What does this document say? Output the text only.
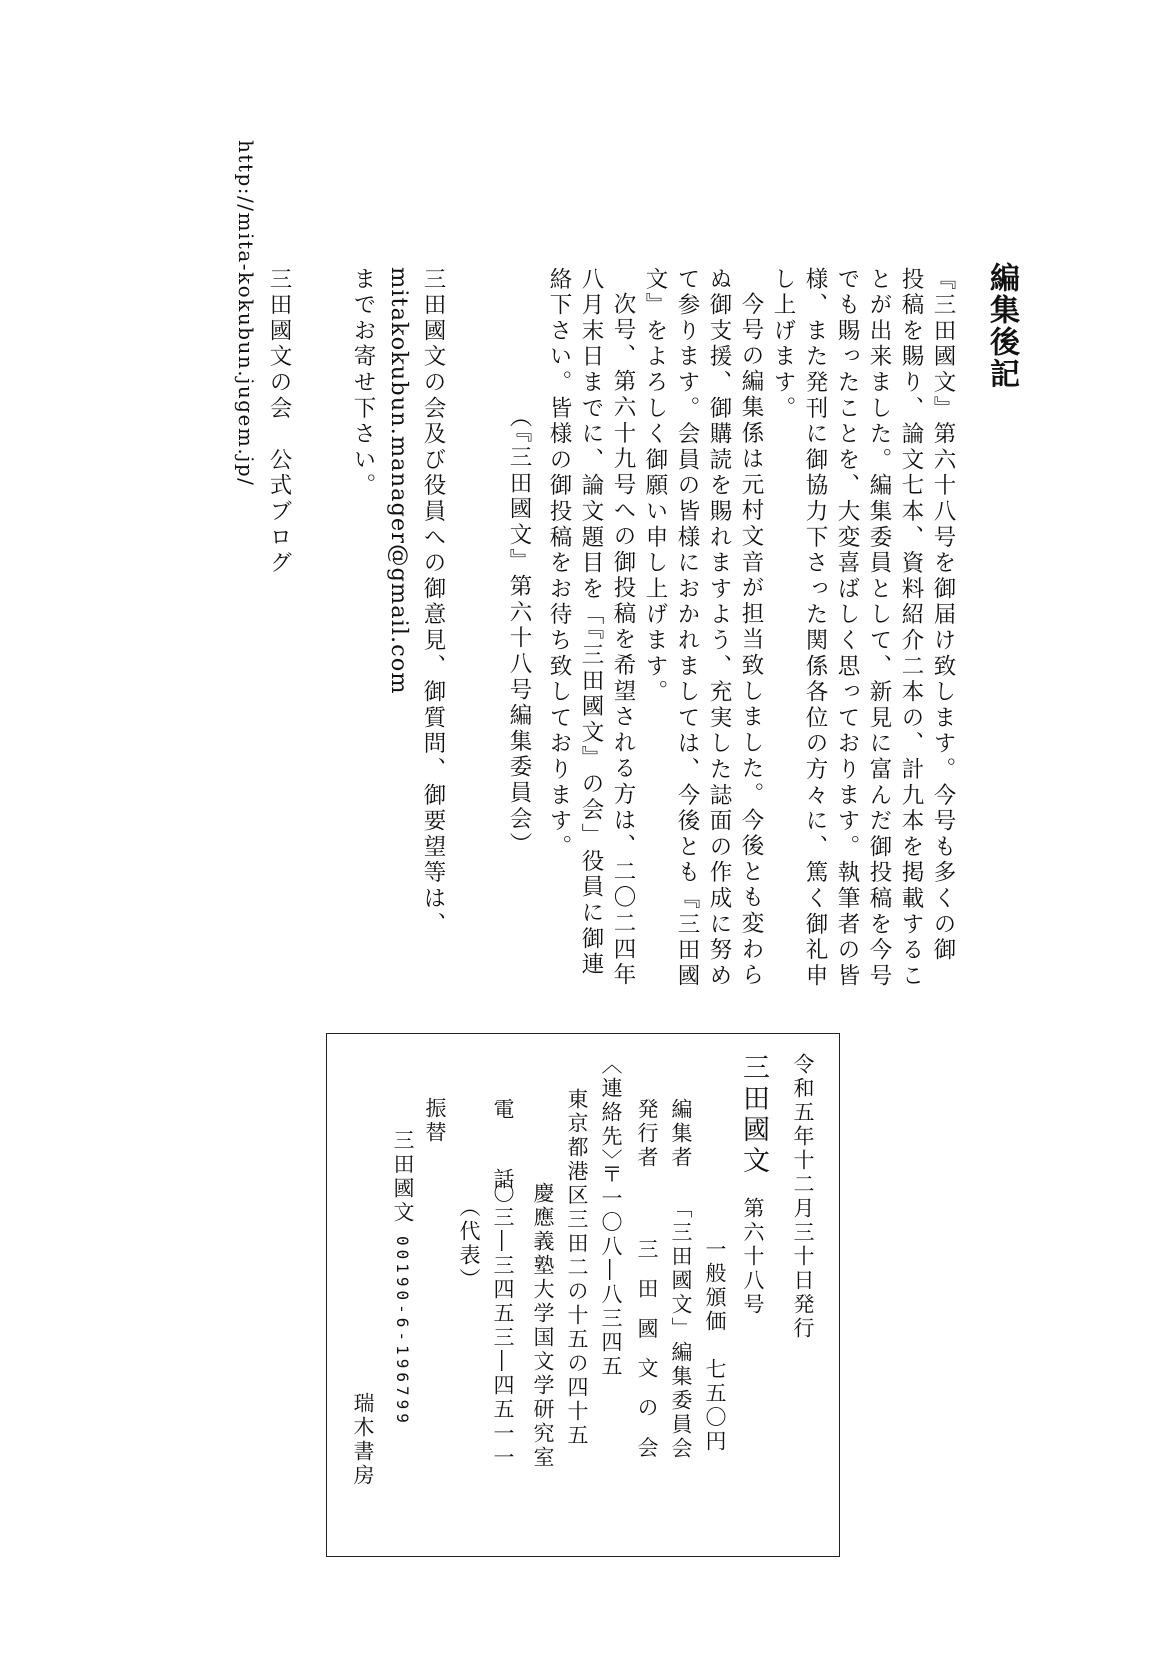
編集後記
『三田國文』第六十八号を御届け致します。今号も多くの御
投稿を賜り、論文七本、資料紹介二本の、計九本を掲載するこ
とが出来ました。編集委員として、新見に富んだ御投稿を今号
でも賜ったことを、大変喜ばしく思っております。執筆者の皆
様、また発刊に御協力下さった関係各位の方々に、篤く御礼申
し上げます。
今号の編集係は元村文音が担当致しました。今後とも変わら
ぬ御支援、御購読を賜れますよう、充実した誌面の作成に努め
て参ります。会員の皆様におかれましては、今後とも『三田國
文』をよろしく御願い申し上げます。
次号、第六十九号への御投稿を希望される方は、二〇二四年
八月末日までに、論文題目を「『三田國文』の会」役員に御連
絡下さい。皆様の御投稿をお待ち致しております。
（『三田國文』第六十八号編集委員会）
三田國文の会及び役員への御意見、御質問、御要望等は、
mitakokubun.manager@gmail.com
までお寄せ下さい。
三田國文の会　公式ブログ
http://mita-kokubun.jugem.jp/
令和五年十二月三十日発行
三田國文
第六十八号
一般頒価　七五〇円
編集者
「三田國文」編集委員会
発行者
三 田 國 文 の 会
〈連絡先〉
〒一〇八―八三四五
東京都港区三田二の十五の四十五
慶應義塾大学国文学研究室
電　話
〇三―三四五三―四五一一
（代表）
振替
三田國文
00190-6-196799
瑞木書房
